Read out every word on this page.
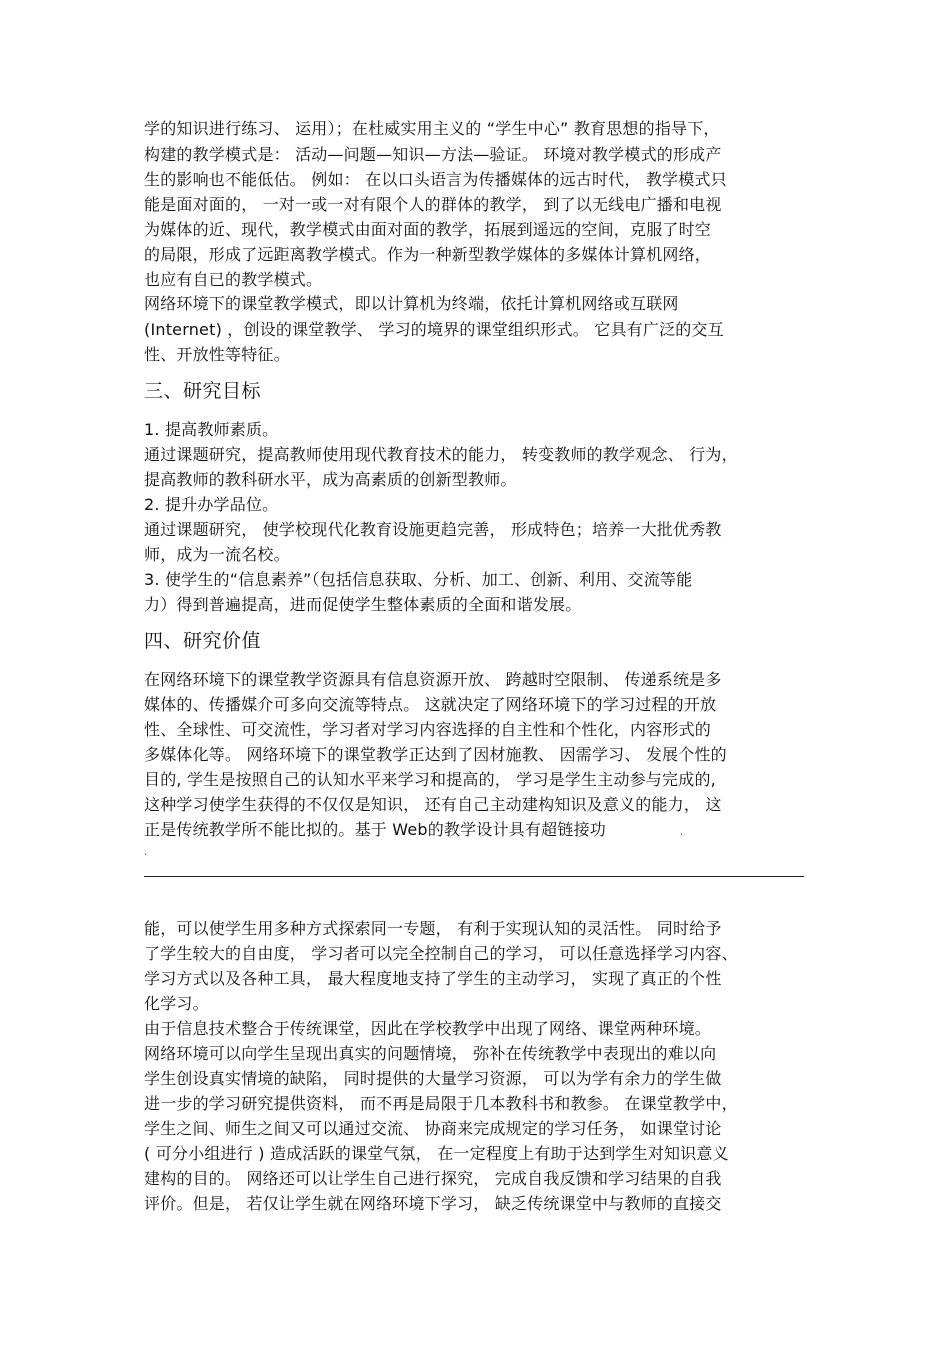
学的知识进行练习、 运用）；在杜威实用主义的 “学生中心” 教育思想的指导下，
构建的教学模式是： 活动—问题—知识—方法—验证。 环境对教学模式的形成产
生的影响也不能低估。 例如： 在以口头语言为传播媒体的远古时代， 教学模式只
能是面对面的， 一对一或一对有限个人的群体的教学， 到了以无线电广播和电视
为媒体的近、现代，教学模式由面对面的教学，拓展到遥远的空间，克服了时空
的局限，形成了远距离教学模式。作为一种新型教学媒体的多媒体计算机网络，
也应有自已的教学模式。
网络环境下的课堂教学模式，即以计算机为终端，依托计算机网络或互联网
(Internet) ，创设的课堂教学、 学习的境界的课堂组织形式。 它具有广泛的交互
性、开放性等特征。
三、研究目标
1. 提高教师素质。
通过课题研究，提高教师使用现代教育技术的能力， 转变教师的教学观念、 行为，
提高教师的教科研水平，成为高素质的创新型教师。
2. 提升办学品位。
通过课题研究， 使学校现代化教育设施更趋完善， 形成特色；培养一大批优秀教
师，成为一流名校。
3. 使学生的“信息素养”（包括信息获取、分析、加工、创新、利用、交流等能
力）得到普遍提高，进而促使学生整体素质的全面和谐发展。
四、研究价值
在网络环境下的课堂教学资源具有信息资源开放、 跨越时空限制、 传递系统是多
媒体的、传播媒介可多向交流等特点。 这就决定了网络环境下的学习过程的开放
性、全球性、可交流性，学习者对学习内容选择的自主性和个性化，内容形式的
多媒体化等。 网络环境下的课堂教学正达到了因材施教、 因需学习、 发展个性的
目的, 学生是按照自己的认知水平来学习和提高的， 学习是学生主动参与完成的,
这种学习使学生获得的不仅仅是知识， 还有自己主动建构知识及意义的能力， 这
正是传统教学所不能比拟的。基于 Web的教学设计具有超链接功	.
.
能，可以使学生用多种方式探索同一专题， 有利于实现认知的灵活性。 同时给予
了学生较大的自由度， 学习者可以完全控制自己的学习， 可以任意选择学习内容、
学习方式以及各种工具， 最大程度地支持了学生的主动学习， 实现了真正的个性
化学习。
由于信息技术整合于传统课堂，因此在学校教学中出现了网络、课堂两种环境。
网络环境可以向学生呈现出真实的问题情境， 弥补在传统教学中表现出的难以向
学生创设真实情境的缺陷， 同时提供的大量学习资源， 可以为学有余力的学生做
进一步的学习研究提供资料， 而不再是局限于几本教科书和教参。 在课堂教学中，
学生之间、师生之间又可以通过交流、 协商来完成规定的学习任务， 如课堂讨论
( 可分小组进行 ) 造成活跃的课堂气氛， 在一定程度上有助于达到学生对知识意义
建构的目的。 网络还可以让学生自己进行探究， 完成自我反馈和学习结果的自我
评价。但是， 若仅让学生就在网络环境下学习， 缺乏传统课堂中与教师的直接交
